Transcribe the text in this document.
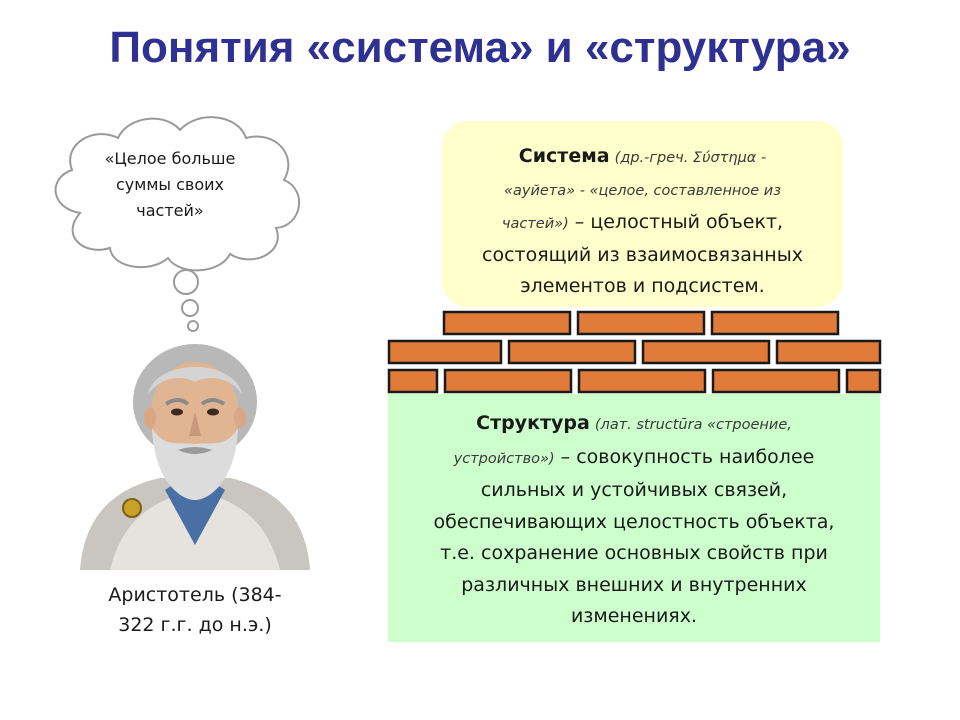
Понятия «система» и «структура»
«Целое больше
суммы своих
частей»
Аристотель (384-
322 г.г. до н.э.)
Система (др.-греч. Σύστημα -
«ауйета» - «целое, составленное из
частей») – целостный объект,
состоящий из взаимосвязанных
элементов и подсистем.
Структура (лат. structūra «строение,
устройство») – совокупность наиболее
сильных и устойчивых связей,
обеспечивающих целостность объекта,
т.е. сохранение основных свойств при
различных внешних и внутренних
изменениях.
